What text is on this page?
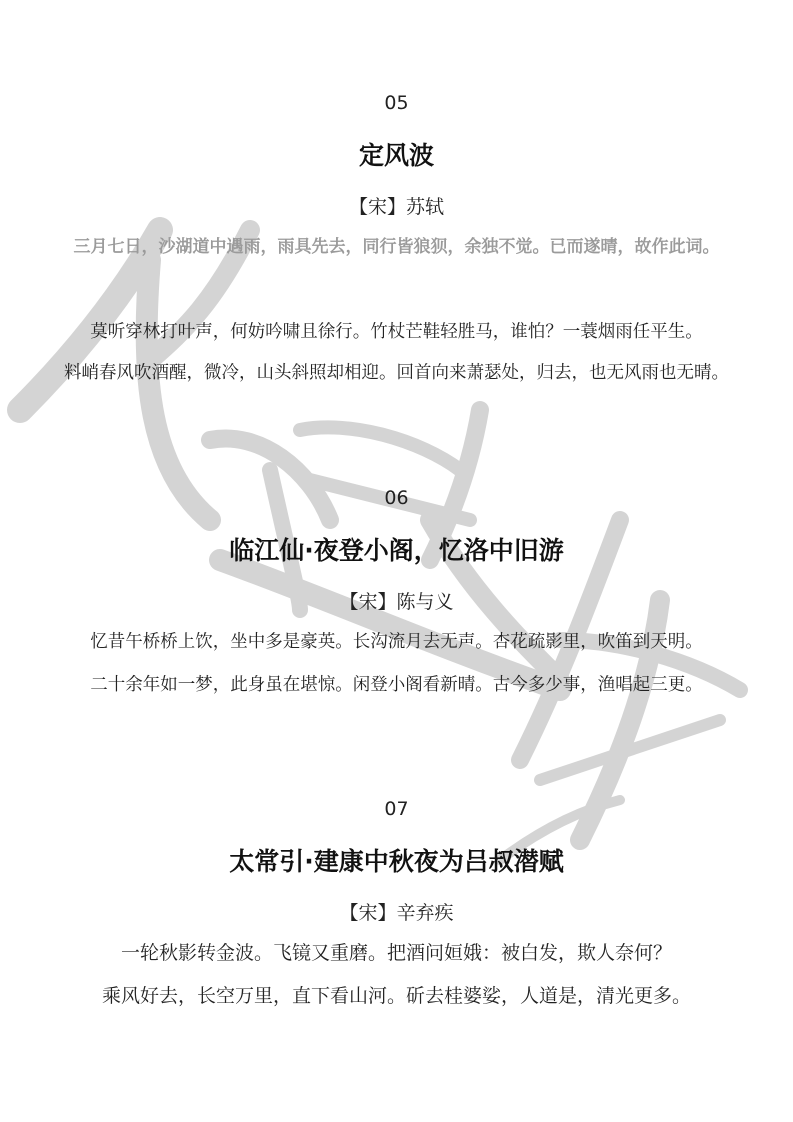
05
定风波
【宋】苏轼
三月七日，沙湖道中遇雨，雨具先去，同行皆狼狈，余独不觉。已而遂晴，故作此词。
莫听穿林打叶声，何妨吟啸且徐行。竹杖芒鞋轻胜马，谁怕？一蓑烟雨任平生。
料峭春风吹酒醒，微冷，山头斜照却相迎。回首向来萧瑟处，归去，也无风雨也无晴。
06
临江仙·夜登小阁，忆洛中旧游
【宋】陈与义
忆昔午桥桥上饮，坐中多是豪英。长沟流月去无声。杏花疏影里，吹笛到天明。
二十余年如一梦，此身虽在堪惊。闲登小阁看新晴。古今多少事，渔唱起三更。
07
太常引·建康中秋夜为吕叔潜赋
【宋】辛弃疾
一轮秋影转金波。飞镜又重磨。把酒问姮娥：被白发，欺人奈何？
乘风好去，长空万里，直下看山河。斫去桂婆娑，人道是，清光更多。
